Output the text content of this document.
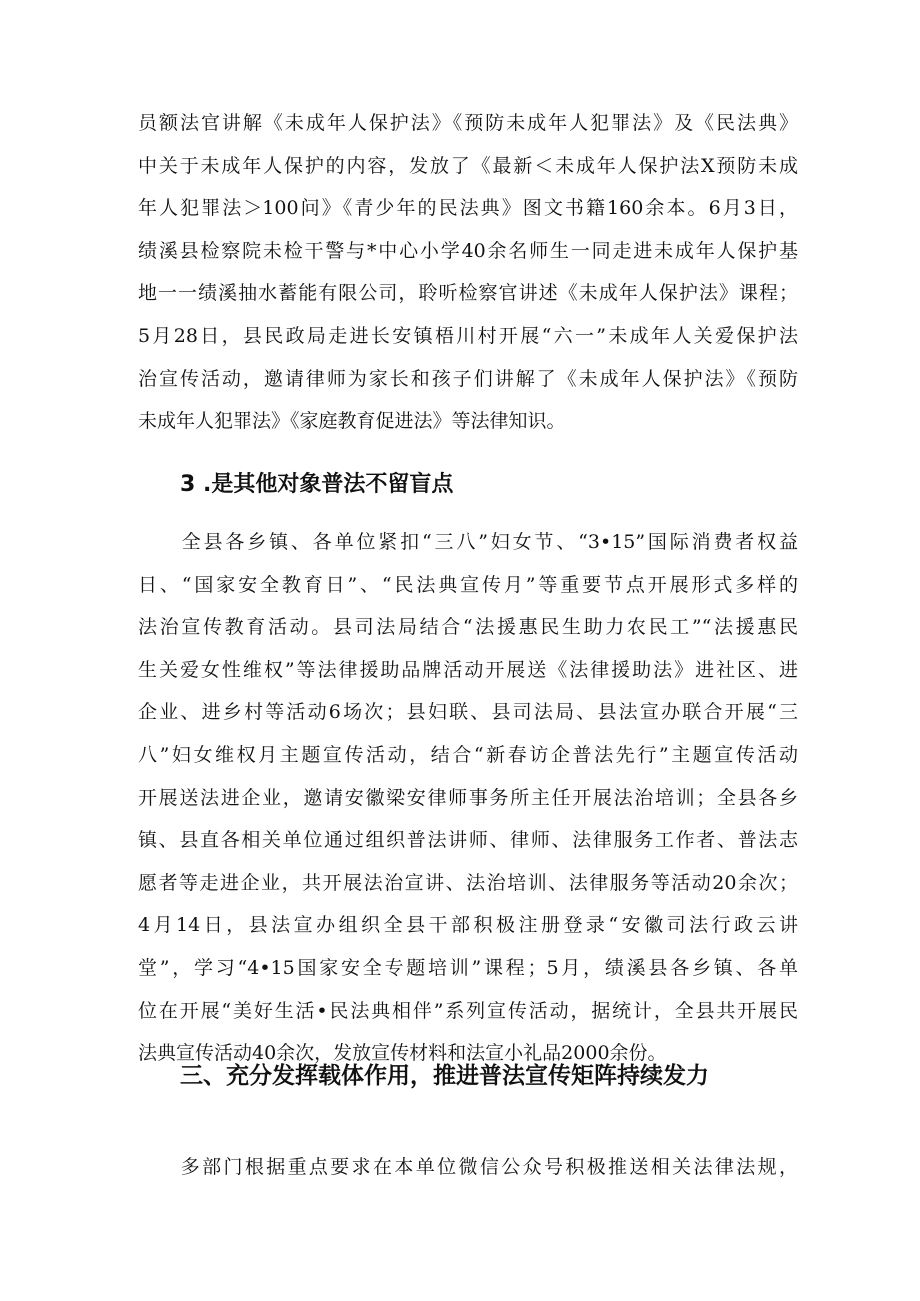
员额法官讲解《未成年人保护法》《预防未成年人犯罪法》及《民法典》
中关于未成年人保护的内容，发放了《最新＜未成年人保护法Ⅹ预防未成
年人犯罪法＞100问》《青少年的民法典》图文书籍160余本。6月3日，
绩溪县检察院未检干警与*中心小学40余名师生一同走进未成年人保护基
地一一绩溪抽水蓄能有限公司，聆听检察官讲述《未成年人保护法》课程；
5月28日，县民政局走进长安镇梧川村开展“六一”未成年人关爱保护法
治宣传活动，邀请律师为家长和孩子们讲解了《未成年人保护法》《预防
未成年人犯罪法》《家庭教育促进法》等法律知识。
3 .是其他对象普法不留盲点
　　全县各乡镇、各单位紧扣“三八”妇女节、“3•15”国际消费者权益
日、“国家安全教育日”、“民法典宣传月”等重要节点开展形式多样的
法治宣传教育活动。县司法局结合“法援惠民生助力农民工”“法援惠民
生关爱女性维权”等法律援助品牌活动开展送《法律援助法》进社区、进
企业、进乡村等活动6场次；县妇联、县司法局、县法宣办联合开展“三
八”妇女维权月主题宣传活动，结合“新春访企普法先行”主题宣传活动
开展送法进企业，邀请安徽梁安律师事务所主任开展法治培训；全县各乡
镇、县直各相关单位通过组织普法讲师、律师、法律服务工作者、普法志
愿者等走进企业，共开展法治宣讲、法治培训、法律服务等活动20余次；
4月14日，县法宣办组织全县干部积极注册登录“安徽司法行政云讲
堂”，学习“4•15国家安全专题培训”课程；5月，绩溪县各乡镇、各单
位在开展“美好生活•民法典相伴”系列宣传活动，据统计，全县共开展民
法典宣传活动40余次，发放宣传材料和法宣小礼品2000余份。
三、充分发挥载体作用，推进普法宣传矩阵持续发力
　　多部门根据重点要求在本单位微信公众号积极推送相关法律法规，
